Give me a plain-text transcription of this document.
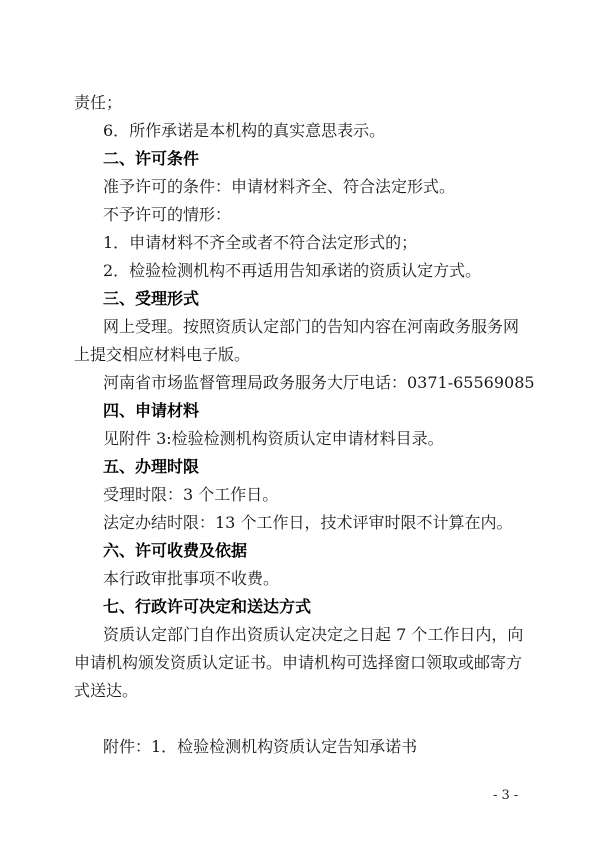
责任；
6．所作承诺是本机构的真实意思表示。
二、许可条件
准予许可的条件：申请材料齐全、符合法定形式。
不予许可的情形：
1．申请材料不齐全或者不符合法定形式的；
2．检验检测机构不再适用告知承诺的资质认定方式。
三、受理形式
网上受理。按照资质认定部门的告知内容在河南政务服务网
上提交相应材料电子版。
河南省市场监督管理局政务服务大厅电话：0371-65569085
四、申请材料
见附件 3:检验检测机构资质认定申请材料目录。
五、办理时限
受理时限：3 个工作日。
法定办结时限：13 个工作日，技术评审时限不计算在内。
六、许可收费及依据
本行政审批事项不收费。
七、行政许可决定和送达方式
资质认定部门自作出资质认定决定之日起 7 个工作日内，向
申请机构颁发资质认定证书。申请机构可选择窗口领取或邮寄方
式送达。
附件：1．检验检测机构资质认定告知承诺书
- 3 -
